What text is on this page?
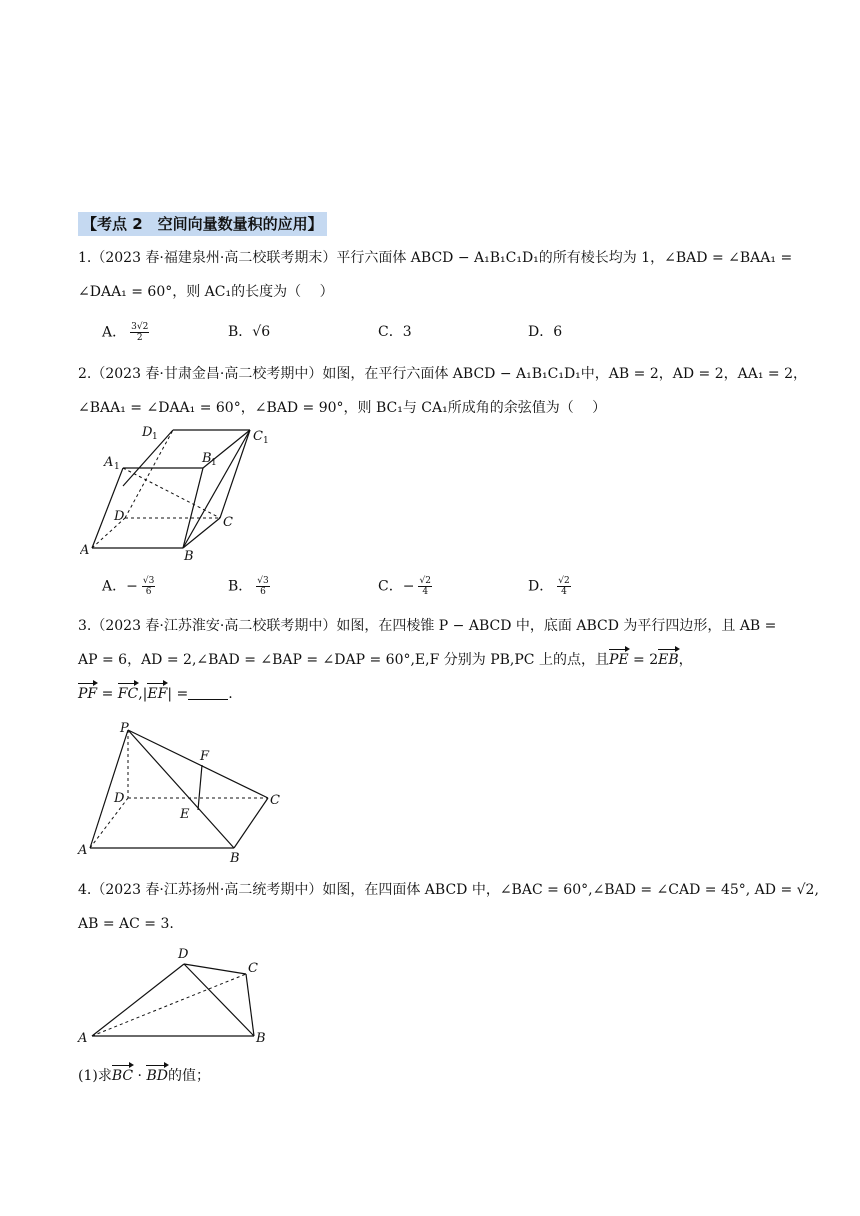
【考点 2　空间向量数量积的应用】
1.（2023 春·福建泉州·高二校联考期末）平行六面体 ABCD − A₁B₁C₁D₁的所有棱长均为 1，∠BAD = ∠BAA₁ =
∠DAA₁ = 60°，则 AC₁的长度为（　 ）
A． $\frac{3√2}{2}$	B．√6	C．3	D．6
2.（2023 春·甘肃金昌·高二校考期中）如图，在平行六面体 ABCD − A₁B₁C₁D₁中，AB = 2，AD = 2，AA₁ = 2，
∠BAA₁ = ∠DAA₁ = 60°，∠BAD = 90°，则 BC₁与 CA₁所成角的余弦值为（　 ）
D 1	C 1
A 1
B 1
D	C
A	B
A．− $\frac{√3}{6}$	B． $\frac{√3}{6}$	C．− $\frac{√2}{4}$	D． $\frac{√2}{4}$
3.（2023 春·江苏淮安·高二校联考期中）如图，在四棱锥 P − ABCD 中，底面 ABCD 为平行四边形，且 AB =
AP = 6，AD = 2,∠BAD = ∠BAP = ∠DAP = 60°,E,F 分别为 PB,PC 上的点，且PE = 2EB，
PF = FC,|EF| =	.
P
F
D	C
E
A
B
4.（2023 春·江苏扬州·高二统考期中）如图，在四面体 ABCD 中，∠BAC = 60°,∠BAD = ∠CAD = 45°, AD = √2,
AB = AC = 3.
D
C
A	B
(1)求BC · BD的值；
